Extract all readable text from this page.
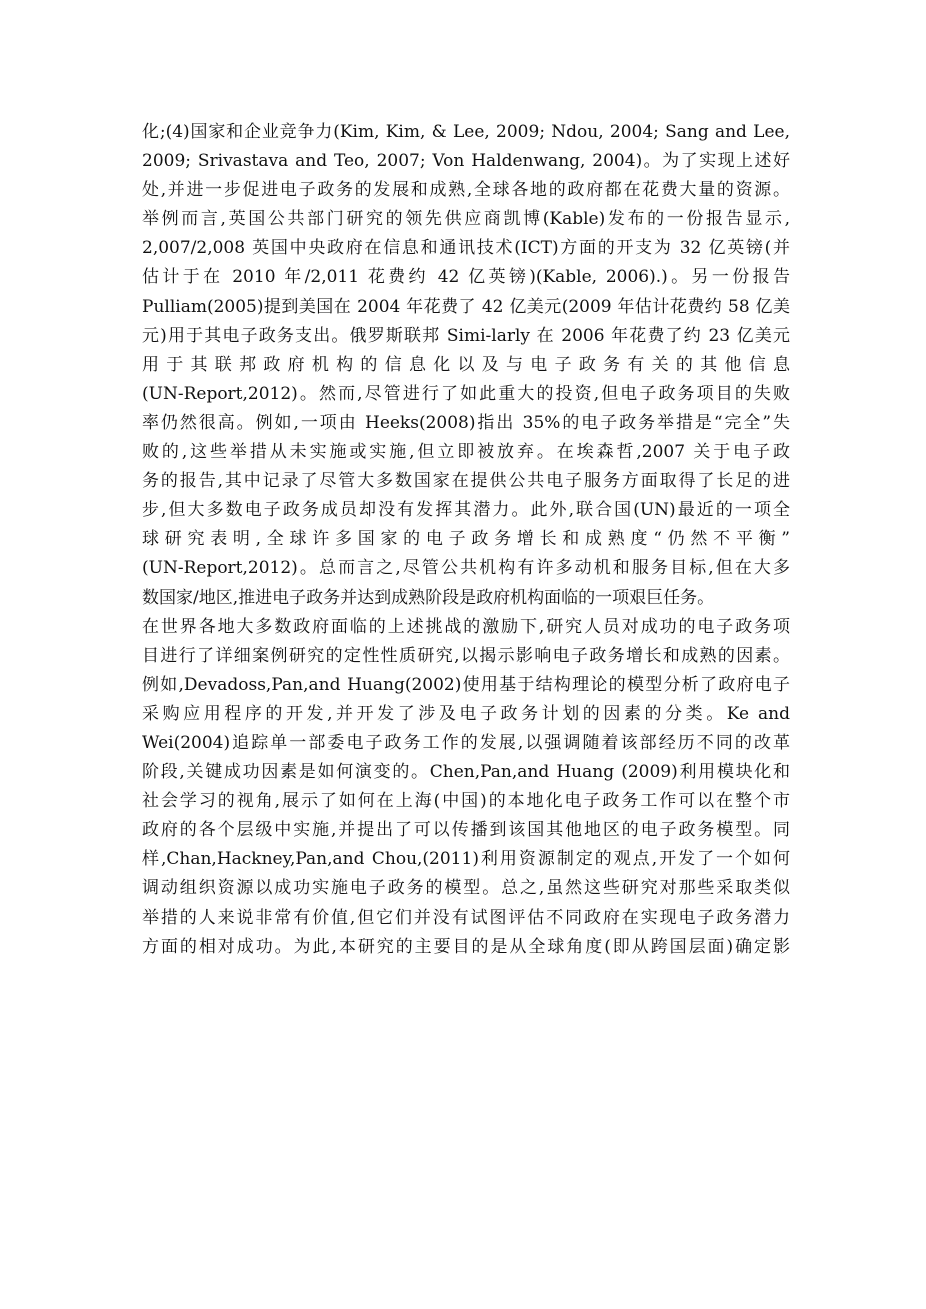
化;(4)国家和企业竞争力(Kim, Kim, & Lee, 2009; Ndou, 2004; Sang and Lee,
2009; Srivastava and Teo, 2007; Von Haldenwang, 2004)。为了实现上述好
处,并进一步促进电子政务的发展和成熟,全球各地的政府都在花费大量的资源。
举例而言,英国公共部门研究的领先供应商凯博(Kable)发布的一份报告显示,
2,007/2,008 英国中央政府在信息和通讯技术(ICT)方面的开支为 32 亿英镑(并
估计于在 2010 年/2,011 花费约 42 亿英镑)(Kable, 2006).)。另一份报告
Pulliam(2005)提到美国在 2004 年花费了 42 亿美元(2009 年估计花费约 58 亿美
元)用于其电子政务支出。俄罗斯联邦 Simi-larly 在 2006 年花费了约 23 亿美元
用于其联邦政府机构的信息化以及与电子政务有关的其他信息
(UN-Report,2012)。然而,尽管进行了如此重大的投资,但电子政务项目的失败
率仍然很高。例如,一项由 Heeks(2008)指出 35%的电子政务举措是“完全”失
败的,这些举措从未实施或实施,但立即被放弃。在埃森哲,2007 关于电子政
务的报告,其中记录了尽管大多数国家在提供公共电子服务方面取得了长足的进
步,但大多数电子政务成员却没有发挥其潜力。此外,联合国(UN)最近的一项全
球研究表明,全球许多国家的电子政务增长和成熟度“仍然不平衡”
(UN-Report,2012)。总而言之,尽管公共机构有许多动机和服务目标,但在大多
数国家/地区,推进电子政务并达到成熟阶段是政府机构面临的一项艰巨任务。
在世界各地大多数政府面临的上述挑战的激励下,研究人员对成功的电子政务项
目进行了详细案例研究的定性性质研究,以揭示影响电子政务增长和成熟的因素。
例如,Devadoss,Pan,and Huang(2002)使用基于结构理论的模型分析了政府电子
采购应用程序的开发,并开发了涉及电子政务计划的因素的分类。Ke and
Wei(2004)追踪单一部委电子政务工作的发展,以强调随着该部经历不同的改革
阶段,关键成功因素是如何演变的。Chen,Pan,and Huang (2009)利用模块化和
社会学习的视角,展示了如何在上海(中国)的本地化电子政务工作可以在整个市
政府的各个层级中实施,并提出了可以传播到该国其他地区的电子政务模型。同
样,Chan,Hackney,Pan,and Chou,(2011)利用资源制定的观点,开发了一个如何
调动组织资源以成功实施电子政务的模型。总之,虽然这些研究对那些采取类似
举措的人来说非常有价值,但它们并没有试图评估不同政府在实现电子政务潜力
方面的相对成功。为此,本研究的主要目的是从全球角度(即从跨国层面)确定影
